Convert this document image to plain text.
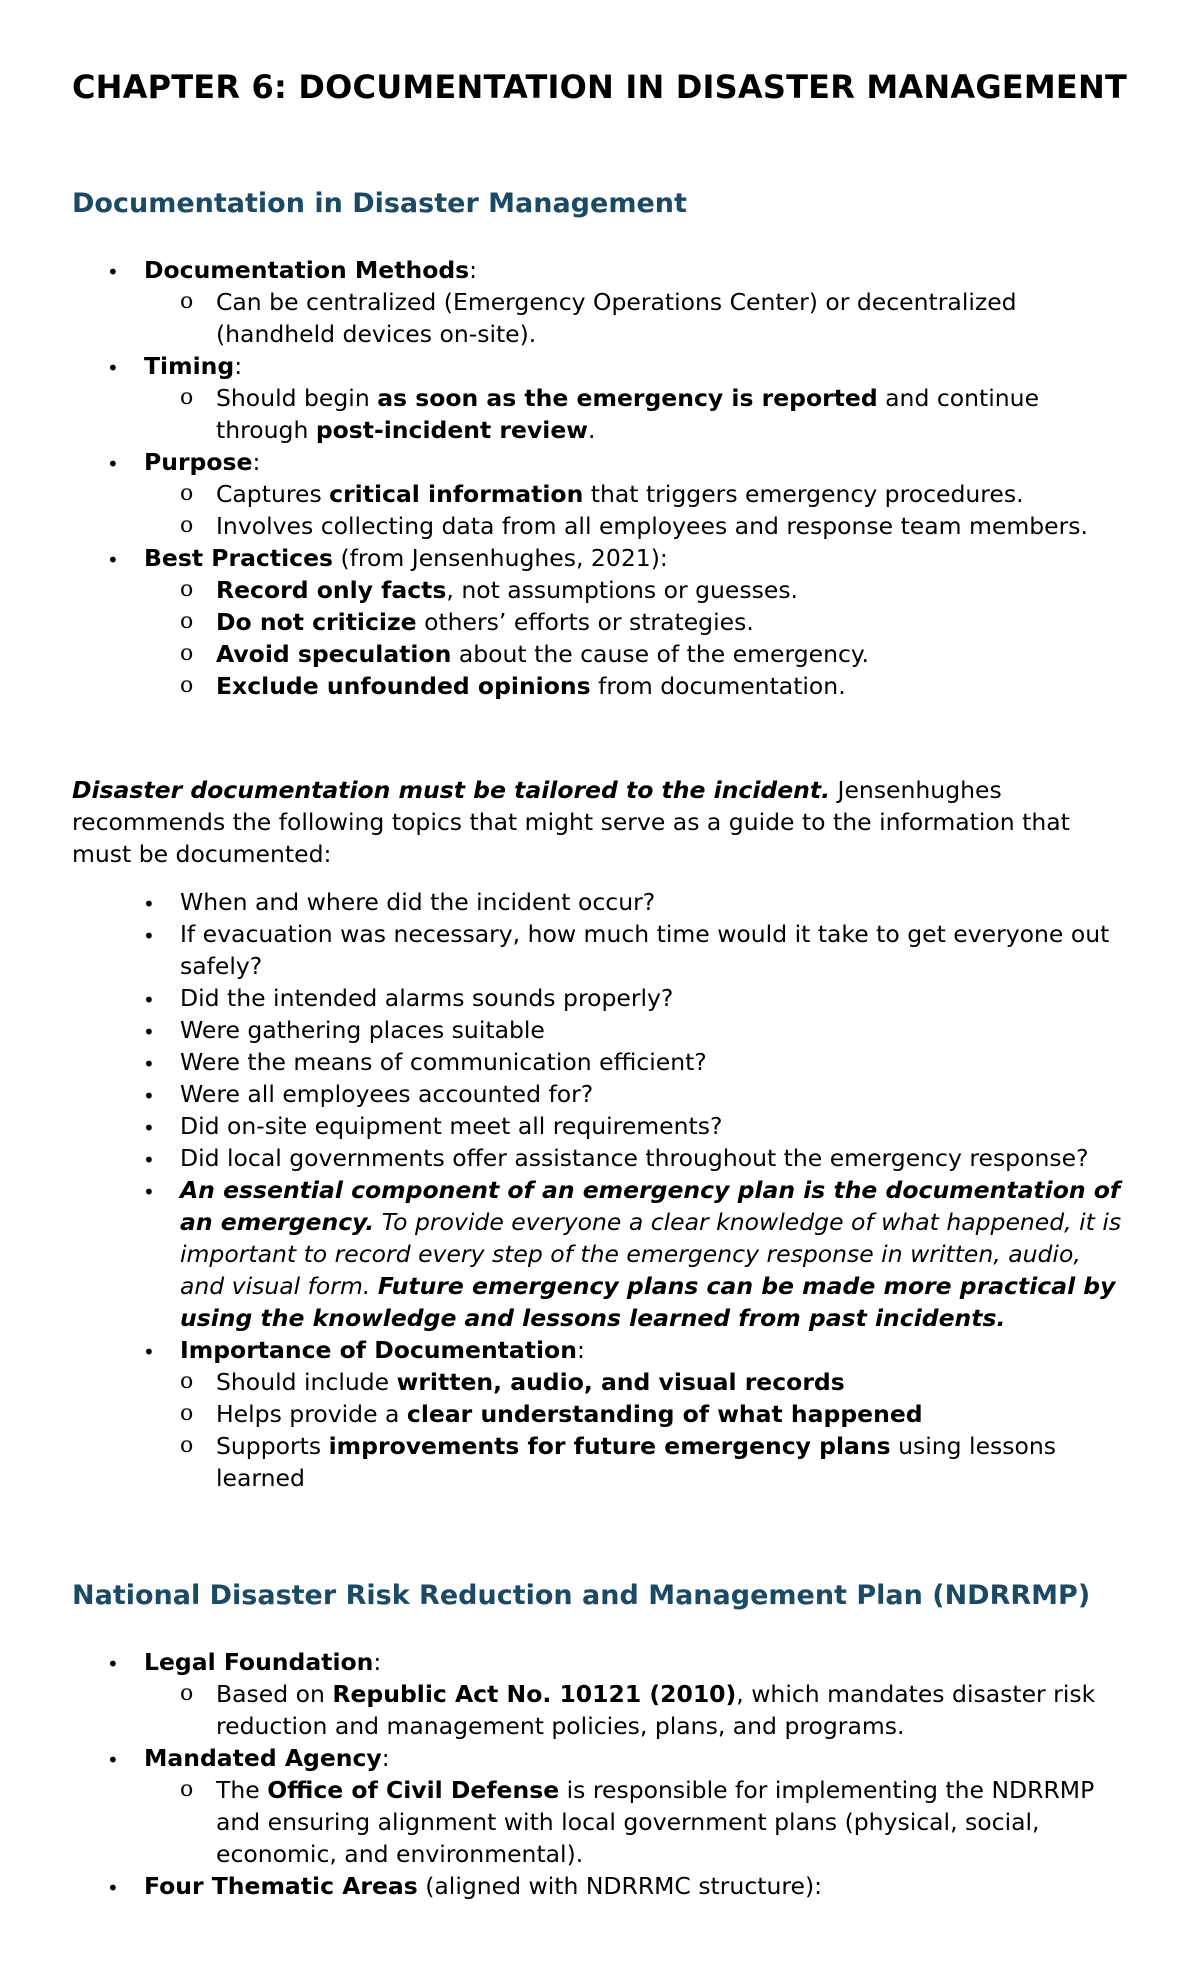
CHAPTER 6: DOCUMENTATION IN DISASTER MANAGEMENT
Documentation in Disaster Management
• Documentation Methods:
o Can be centralized (Emergency Operations Center) or decentralized
(handheld devices on-site).
• Timing:
o Should begin as soon as the emergency is reported and continue
through post-incident review.
• Purpose:
o Captures critical information that triggers emergency procedures.
o Involves collecting data from all employees and response team members.
• Best Practices (from Jensenhughes, 2021):
o Record only facts, not assumptions or guesses.
o Do not criticize others’ efforts or strategies.
o Avoid speculation about the cause of the emergency.
o Exclude unfounded opinions from documentation.
Disaster documentation must be tailored to the incident. Jensenhughes
recommends the following topics that might serve as a guide to the information that
must be documented:
• When and where did the incident occur?
• If evacuation was necessary, how much time would it take to get everyone out
safely?
• Did the intended alarms sounds properly?
• Were gathering places suitable
• Were the means of communication efficient?
• Were all employees accounted for?
• Did on-site equipment meet all requirements?
• Did local governments offer assistance throughout the emergency response?
• An essential component of an emergency plan is the documentation of
an emergency. To provide everyone a clear knowledge of what happened, it is
important to record every step of the emergency response in written, audio,
and visual form. Future emergency plans can be made more practical by
using the knowledge and lessons learned from past incidents.
• Importance of Documentation:
o Should include written, audio, and visual records
o Helps provide a clear understanding of what happened
o Supports improvements for future emergency plans using lessons
learned
National Disaster Risk Reduction and Management Plan (NDRRMP)
• Legal Foundation:
o Based on Republic Act No. 10121 (2010), which mandates disaster risk
reduction and management policies, plans, and programs.
• Mandated Agency:
o The Office of Civil Defense is responsible for implementing the NDRRMP
and ensuring alignment with local government plans (physical, social,
economic, and environmental).
• Four Thematic Areas (aligned with NDRRMC structure):
